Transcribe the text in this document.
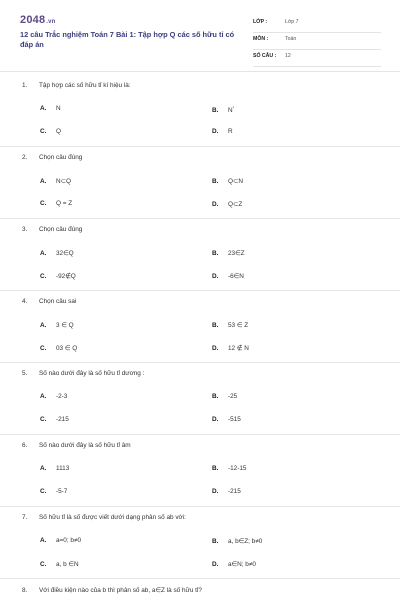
2048.vn
12 câu Trắc nghiệm Toán 7 Bài 1: Tập hợp Q các số hữu tỉ có đáp án
LỚP :	Lớp 7
MÔN :	Toán
SỐ CÂU : 12
1. Tập hợp các số hữu tỉ kí hiệu là:
A. N	B. N*
C. Q	D. R
2. Chọn câu đúng
A. N⊂Q	B. Q⊂N
C. Q = Z	D. Q⊂Z
3. Chọn câu đúng
A. 32∈Q	B. 23∈Z
C. -92∉Q	D. -6∈N
4. Chọn câu sai
A. 3 ∈ Q	B. 53 ∈ Z
C. 03 ∈ Q	D. 12 ∉ N
5. Số nào dưới đây là số hữu tỉ dương :
A. -2-3	B. -25
C. -215	D. -515
6. Số nào dưới đây là số hữu tỉ âm
A. 1113	B. -12-15
C. -5-7	D. -215
7. Số hữu tỉ là số được viết dưới dạng phân số ab với:
A. a=0; b≠0	B. a, b∈Z; b≠0
C. a, b ∈N	D. a∈N; b≠0
8. Với điều kiện nào của b thì phân số ab, a∈Z là số hữu tỉ?
